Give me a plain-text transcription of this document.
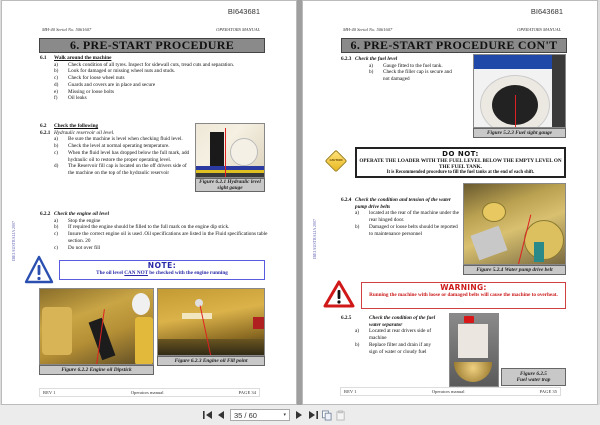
BI643681
MH-40 Serial No. 5061607	OPERATORS MANUAL
6. PRE-START PROCEDURE
6.1 Walk around the machine
a)	Check condition of all tyres. Inspect for sidewall cuts, tread cuts and separation.
b)	Look for damaged or missing wheel nuts and studs.
c)	Check for loose wheel nuts
d)	Guards and covers are in place and secure
e)	Missing or loose bolts
f)	Oil leaks
6.2 Check the following
6.2.1 Hydraulic reservoir oil level.
a)	Be sure the machine is level when checking fluid level.
b)	Check the level at normal operating temperature.
c)	When the fluid level has dropped below the full mark, add hydraulic oil to restore the proper operating level.
d)	The Reservoir fill cap is located on the off drivers side of the machine on the top of the hydraulic reservoir
Figure 6.2.1 Hydraulic level sight gauge
6.2.2 Check the engine oil level
a)	Stop the engine
b)	If required the engine should be filled to the full mark on the engine dip stick.
c)	Insure the correct engine oil is used .Oil specifications are listed in the Fluid specifications table section. 20
c)	Do not over fill
IBEI AUSTRALIA 2007
NOTE:
The oil level CAN NOT be checked with the engine running
Figure 6.2.2 Engine oil Dipstick
Figure 6.2.3 Engine oil Fill point
REV 1	Operators manual	PAGE 34
BI643681
MH-40 Serial No. 5061607	OPERATORS MANUAL
6. PRE-START PROCEDURE CON'T
6.2.3 Check the fuel level
a)	Gauge fitted to the fuel tank.
b)	Check the filler cap is secure and not damaged
Figure 5.2.3 Fuel sight gauge
CAUTION
DO NOT:
OPERATE THE LOADER WITH THE FUEL LEVEL BELOW THE EMPTY LEVEL ON THE FUEL TANK.
It is Recommended procedure to fill the fuel tanks at the end of each shift.
6.2.4 Check the condition and tension of the water pump drive belts
a)	located at the rear of the machine under the rear hinged door.
b)	Damaged or loose belts should be reported to maintenance personnel
IBEI AUSTRALIA 2007
Figure 5.2.4 Water pump drive belt
WARNING:
Running the machine with loose or damaged belts will cause the machine to overheat.
6.2.5	Check the condition of the fuel water separator
a)	Located at rear drivers side of machine
b)	Replace filter and drain if any sign of water or cloudy fuel
Figure 6.2.5
Fuel water trap
REV 1	Operators manual	PAGE 35
35 / 60	▾
